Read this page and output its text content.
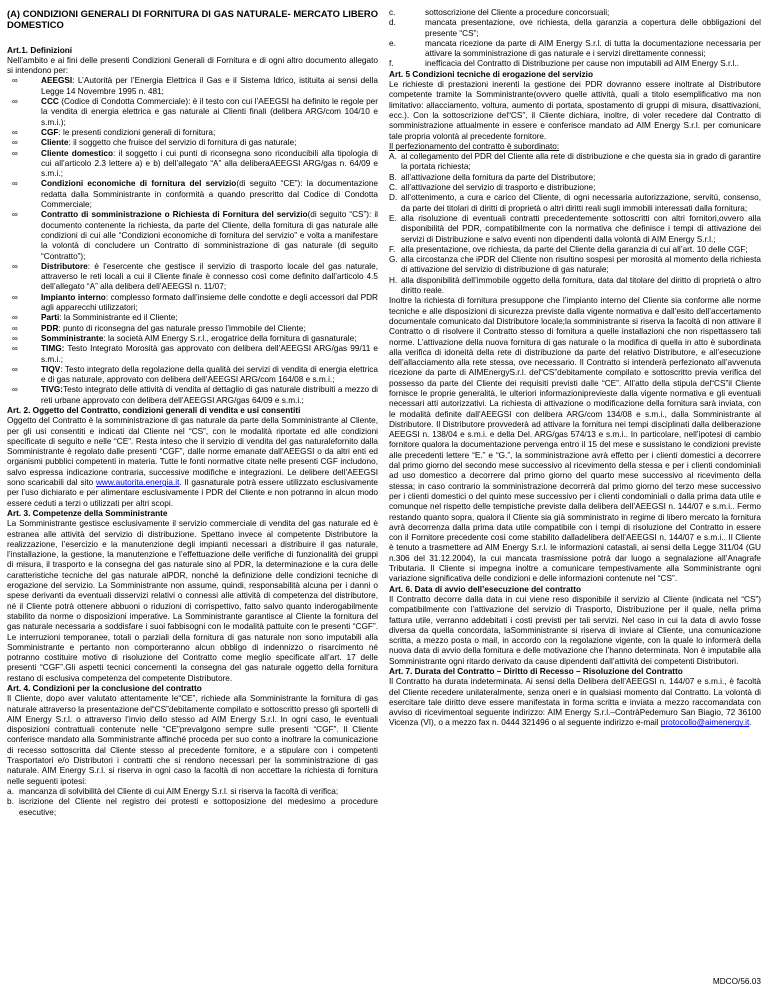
(A) CONDIZIONI GENERALI DI FORNITURA DI GAS NATURALE- MERCATO LIBERO DOMESTICO

Art.1. Definizioni

Nell’ambito e ai fini delle presenti Condizioni Generali di Fornitura e di ogni altro documento allegato si intendono per:

∞	AEEGSI: L’Autorità per l’Energia Elettrica il Gas e il Sistema Idrico, istituita ai sensi della Legge 14 Novembre 1995 n. 481;
∞	CCC (Codice di Condotta Commerciale): è il testo con cui l’AEEGSI ha definito le regole per la vendita di energia elettrica e gas naturale ai Clienti finali (delibera ARG/com 104/10 e s.m.i.);
∞	CGF: le presenti condizioni generali di fornitura;
∞	Cliente: il soggetto che fruisce del servizio di fornitura di gas naturale;
∞	Cliente domestico: il soggetto i cui punti di riconsegna sono riconducibili alla tipologia di cui all’articolo 2.3 lettere a) e b) dell’allegato “A” alla deliberaAEEGSI ARG/gas n. 64/09 e s.m.i.;
∞	Condizioni economiche di fornitura del servizio(di seguito “CE”): la documentazione redatta dalla Somministrante in conformità a quando prescritto dal Codice di Condotta Commerciale;
∞	Contratto di somministrazione o Richiesta di Fornitura del servizio(di seguito “CS”): il documento contenente la richiesta, da parte del Cliente, della fornitura di gas naturale alle condizioni di cui alle “Condizioni economiche di fornitura del servizio” e volta a manifestare la volontà di concludere un Contratto di somministrazione di gas naturale (di seguito “Contratto”);
∞	Distributore: è l’esercente che gestisce il servizio di trasporto locale del gas naturale, attraverso le reti locali a cui il Cliente finale è connesso così come definito dall’articolo 4.5 dell’allegato “A” alla delibera dell’AEEGSI n. 11/07;
∞	Impianto interno: complesso formato dall’insieme delle condotte e degli accessori dal PDR agli apparecchi utilizzatori;
∞	Parti: la Somministrante ed il Cliente;
∞	PDR: punto di riconsegna del gas naturale presso l’immobile del Cliente;
∞	Somministrante: la società AIM Energy S.r.l., erogatrice della fornitura di gasnaturale;
∞	TIMG: Testo Integrato Morosità gas approvato con delibera dell’AEEGSI ARG/gas 99/11 e s.m.i.;
∞	TIQV: Testo integrato della regolazione della qualità dei servizi di vendita di energia elettrica e di gas naturale, approvato con delibera dell’AEEGSI ARG/com 164/08 e s.m.i.;
∞	TIVG:Testo integrato delle attività di vendita al dettaglio di gas naturale distribuiti a mezzo di reti urbane approvato con delibera dell’AEEGSI ARG/gas 64/09 e s.m.i.;

Art. 2. Oggetto del Contratto, condizioni generali di vendita e usi consentiti

Oggetto del Contratto è la somministrazione di gas naturale da parte della Somministrante al Cliente, per gli usi consentiti e indicati dal Cliente nel “CS”, con le modalità riportate ed alle condizioni specificate di seguito e nelle “CE”. Resta inteso che il servizio di vendita del gas naturalefornito dalla Somministrante è regolato dalle presenti “CGF”, dalle norme emanate dall’AEEGSI o da altri enti ed organismi pubblici competenti in materia. Tutte le fonti normative citate nelle presenti CGF includono, salvo espressa indicazione contraria, successive modifiche e integrazioni. Le delibere dell’AEEGSI sono scaricabili dal sito www.autorita.energia.it. Il gasnaturale potrà essere utilizzato esclusivamente per l’uso dichiarato e per alimentare esclusivamente i PDR del Cliente e non potranno in alcun modo essere ceduti a terzi o utilizzati per altri scopi.

Art. 3. Competenze della Somministrante

La Somministrante gestisce esclusivamente il servizio commerciale di vendita del gas naturale ed è estranea alle attività del servizio di distribuzione. Spettano invece al competente Distributore la realizzazione, l’esercizio e la manutenzione degli impianti necessari a distribuire il gas naturale, l’installazione, la gestione, la manutenzione e l’effettuazione delle verifiche di funzionalità dei gruppi di misura, il trasporto e la consegna del gas naturale sino al PDR, la determinazione e la cura delle caratteristiche tecniche del gas naturale alPDR, nonché la definizione delle condizioni tecniche di erogazione del servizio. La Somministrante non assume, quindi, responsabilità alcuna per i danni o spese derivanti da eventuali disservizi relativi o connessi alle attività di competenza del distributore, né il Cliente potrà ottenere abbuoni o riduzioni di corrispettivo, fatto salvo quanto inderogabilmente stabilito da norme o disposizioni imperative. La Somministrante garantisce al Cliente la fornitura del gas naturale necessaria a soddisfare i suoi fabbisogni con le modalità pattuite con le presenti “CGF”. Le interruzioni temporanee, totali o parziali della fornitura di gas naturale non sono imputabili alla Somministrante e pertanto non comporteranno alcun obbligo di indennizzo o risarcimento né potranno costituire motivo di risoluzione del Contratto come meglio specificate all’art. 17 delle presenti “CGF”.Gli aspetti tecnici concernenti la consegna del gas naturale oggetto della fornitura restano di esclusiva competenza del competente Distributore.

Art. 4. Condizioni per la conclusione del contratto

Il Cliente, dopo aver valutato attentamente le“CE”, richiede alla Somministrante la fornitura di gas naturale attraverso la presentazione del“CS”debitamente compilato e sottoscritto presso gli sportelli di AIM Energy S.r.l. o attraverso l’invio dello stesso ad AIM Energy S.r.l. In ogni caso, le eventuali disposizioni contrattuali contenute nelle “CE”prevalgono sempre sulle presenti “CGF”. Il Cliente conferisce mandato alla Somministrante affinché proceda per suo conto a inoltrare la comunicazione di recesso sottoscritta dal Cliente stesso al precedente fornitore, e a stipulare con i competenti Trasportatori e/o Distributori i contratti che si rendono necessari per la somministrazione di gas naturale. AIM Energy S.r.l. si riserva in ogni caso la facoltà di non accettare la richiesta di fornitura nelle seguenti ipotesi:

a. mancanza di solvibilità del Cliente di cui AIM Energy S.r.l. si riserva la facoltà di verifica;
b. iscrizione del Cliente nel registro dei protesti e sottoposizione del medesimo a procedure esecutive;
c.	sottoscrizione del Cliente a procedure concorsuali;
d.	mancata presentazione, ove richiesta, della garanzia a copertura delle obbligazioni del presente “CS”;
e.	mancata ricezione da parte di AIM Energy S.r.l. di tutta la documentazione necessaria per attivare la somministrazione di gas naturale e i servizi direttamente connessi;
f.	inefficacia del Contratto di Distribuzione per cause non imputabili ad AIM Energy S.r.l..

Art. 5 Condizioni tecniche di erogazione del servizio

Le richieste di prestazioni inerenti la gestione dei PDR dovranno essere inoltrate al Distributore competente tramite la Somministrante(ovvero quelle attività, quali a titolo esemplificativo ma non limitativo: allacciamento, voltura, aumento di portata, spostamento di gruppi di misura, disattivazioni, ecc.). Con la sottoscrizione del“CS”, il Cliente dichiara, inoltre, di voler recedere dal Contratto di somministrazione attualmente in essere e conferisce mandato ad AIM Energy S.r.l. per comunicare tale propria volontà al precedente fornitore.

Il perfezionamento del contratto è subordinato:

A. al collegamento del PDR del Cliente alla rete di distribuzione e che questa sia in grado di garantire la portata richiesta;
B. all’attivazione della fornitura da parte del Distributore;
C. all’attivazione del servizio di trasporto e distribuzione;
D. all’ottenimento, a cura e carico del Cliente, di ogni necessaria autorizzazione, servitù, consenso, da parte dei titolari di diritti di proprietà o altri diritti reali sugli immobili interessati dalla fornitura;
E. alla risoluzione di eventuali contratti precedentemente sottoscritti con altri fornitori,ovvero alla disponibilità del PDR, compatibilmente con la normativa che definisce i tempi di attivazione dei servizi di Distribuzione e salvo eventi non dipendenti dalla volontà di AIM Energy S.r.l.;
F. alla presentazione, ove richiesta, da parte del Cliente della garanzia di cui all’art. 10 delle CGF;
G. alla circostanza che iPDR del Cliente non risultino sospesi per morosità al momento della richiesta di attivazione del servizio di distribuzione di gas naturale;
H. alla disponibilità dell’immobile oggetto della fornitura, data dal titolare del diritto di proprietà o altro diritto reale.

Inoltre la richiesta di fornitura presuppone che l’impianto interno del Cliente sia conforme alle norme tecniche e alle disposizioni di sicurezza previste dalla vigente normativa e dall’esito dell’accertamento documentale comunicato dal Distributore locale;la somministrante si riserva la facoltà di non attivare il Contratto o di risolvere il Contratto stesso di fornitura a quelle installazioni che non rispettassero tali norme. L’attivazione della nuova fornitura di gas naturale o la modifica di quella in atto è subordinata alla verifica di idoneità della rete di distribuzione da parte del relativo Distributore, e all’esecuzione dell’allacciamento alla rete stessa, ove necessario. Il Contratto si intenderà perfezionato all’avvenuta ricezione da parte di AIMEnergyS.r.l. del“CS”debitamente compilato e sottoscritto previa verifica del possesso da parte del Cliente dei requisiti previsti dalle “CE”. All’atto della stipula del“CS”il Cliente fornisce le proprie generalità, le ulteriori informazioniprevieste dalla vigente normativa e gli eventuali necessari atti autorizzativi. La richiesta di attivazione o modificazione della fornitura sarà inviata, con le modalità definite dall’AEEGSI con delibera ARG/com 134/08 e s.m.i., dalla Somministrante al Distributore. Il Distributore provvederà ad attivare la fornitura nei tempi disciplinati dalla deliberazione AEEGSI n. 138/04 e s.m.i. e della Del. ARG/gas 574/13 e s.m.i.. In particolare, nell’ipotesi di cambio fornitore qualora la documentazione pervenga entro il 15 del mese e sussistano le condizioni previste alle precedenti lettere “E.” e “G.”, la somministrazione avrà effetto per i clienti domestici a decorrere dal primo giorno del secondo mese successivo al ricevimento della stessa e per i clienti condominiali ad uso domestico a decorrere dal primo giorno del quarto mese successivo al ricevimento della stessa; in caso contrario la somministrazione decorrerà dal primo giorno del terzo mese successivo per i clienti domestici o del quinto mese successivo per i clienti condominiali o dalla prima data utile e comunque nel rispetto delle tempistiche previste dalla delibera dell’AEEGSI n. 144/07 e s.m.i.. Fermo restando quanto sopra, qualora il Cliente sia già somministrato in regime di libero mercato la fornitura avrà decorrenza dalla prima data utile compatibile con i tempi di risoluzione del Contratto in essere con il Fornitore precedente così come stabilito dalladelibera dell’AEEGSI n. 144/07 e s.m.i.. Il Cliente è tenuto a trasmettere ad AIM Energy S.r.l. le informazioni catastali, ai sensi della Legge 311/04 (GU n.306 del 31.12.2004), la cui mancata trasmissione potrà dar luogo a segnalazione all’Anagrafe Tributaria. Il Cliente si impegna inoltre a comunicare tempestivamente alla Somministrante ogni variazione significativa delle condizioni e delle informazioni contenute nel “CS”.

Art. 6. Data di avvio dell’esecuzione del contratto

Il Contratto decorre dalla data in cui viene reso disponibile il servizio al Cliente (indicata nel “CS”) compatibilmente con l’attivazione del servizio di Trasporto, Distribuzione per il quale, nella prima fattura utile, verranno addebitati i costi previsti per tali servizi. Nel caso in cui la data di avvio fosse diversa da quella concordata, laSomministrante si riserva di inviare al Cliente, una comunicazione scritta, a mezzo posta o mail, in accordo con la regolazione vigente, con la quale lo informerà della nuova data di avvio della fornitura e delle motivazione che l’hanno determinata. Non è imputabile alla Somministrante ogni ritardo derivato da cause dipendenti dall’attività dei competenti Distributori.

Art. 7. Durata del Contratto – Diritto di Recesso – Risoluzione del Contratto

Il Contratto ha durata indeterminata. Ai sensi della Delibera dell’AEEGSI n. 144/07 e s.m.i., è facoltà del Cliente recedere unilateralmente, senza oneri e in qualsiasi momento dal Contratto. La volontà di esercitare tale diritto deve essere manifestata in forma scritta e inviata a mezzo raccomandata con avviso di ricevimentoal seguente indirizzo: AIM Energy S.r.l.–ContràPedemuro San Biagio, 72 36100 Vicenza (VI), o a mezzo fax n. 0444 321496 o al seguente indirizzo e-mail protocollo@aimenergy.it.

MDCO/56.03
